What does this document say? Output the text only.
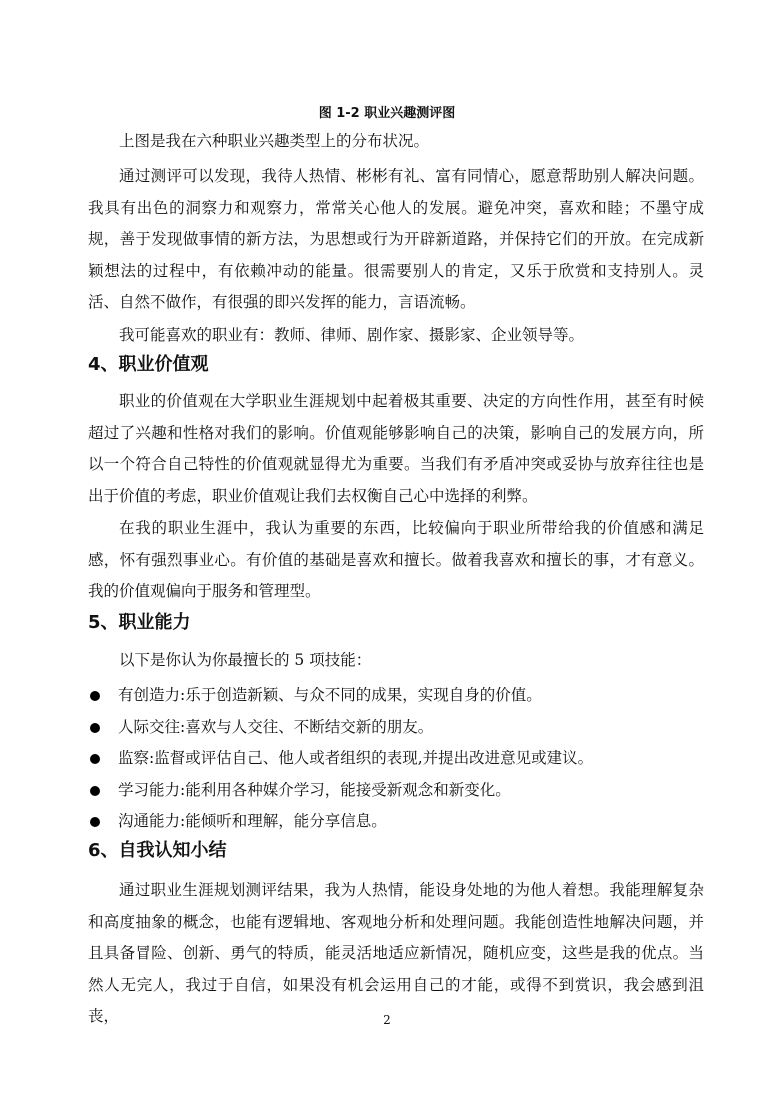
图 1-2 职业兴趣测评图

上图是我在六种职业兴趣类型上的分布状况。

通过测评可以发现，我待人热情、彬彬有礼、富有同情心，愿意帮助别人解决问题。 我具有出色的洞察力和观察力，常常关心他人的发展。避免冲突，喜欢和睦；不墨守成规，善于发现做事情的新方法，为思想或行为开辟新道路，并保持它们的开放。在完成新颖想法的过程中，有依赖冲动的能量。很需要别人的肯定，又乐于欣赏和支持别人。灵活、自然不做作，有很强的即兴发挥的能力，言语流畅。

我可能喜欢的职业有：教师、律师、剧作家、摄影家、企业领导等。

4、职业价值观

职业的价值观在大学职业生涯规划中起着极其重要、决定的方向性作用，甚至有时候超过了兴趣和性格对我们的影响。价值观能够影响自己的决策，影响自己的发展方向，所以一个符合自己特性的价值观就显得尤为重要。当我们有矛盾冲突或妥协与放弃往往也是出于价值的考虑，职业价值观让我们去权衡自己心中选择的利弊。

在我的职业生涯中，我认为重要的东西，比较偏向于职业所带给我的价值感和满足感，怀有强烈事业心。有价值的基础是喜欢和擅长。做着我喜欢和擅长的事，才有意义。我的价值观偏向于服务和管理型。

5、职业能力

以下是你认为你最擅长的 5 项技能：

有创造力:乐于创造新颖、与众不同的成果，实现自身的价值。
人际交往:喜欢与人交往、不断结交新的朋友。
监察:监督或评估自己、他人或者组织的表现,并提出改进意见或建议。
学习能力:能利用各种媒介学习，能接受新观念和新变化。
沟通能力:能倾听和理解，能分享信息。
6、自我认知小结

通过职业生涯规划测评结果，我为人热情，能设身处地的为他人着想。我能理解复杂和高度抽象的概念，也能有逻辑地、客观地分析和处理问题。我能创造性地解决问题，并且具备冒险、创新、勇气的特质，能灵活地适应新情况，随机应变，这些是我的优点。当然人无完人，我过于自信，如果没有机会运用自己的才能，或得不到赏识，我会感到沮丧，	2
